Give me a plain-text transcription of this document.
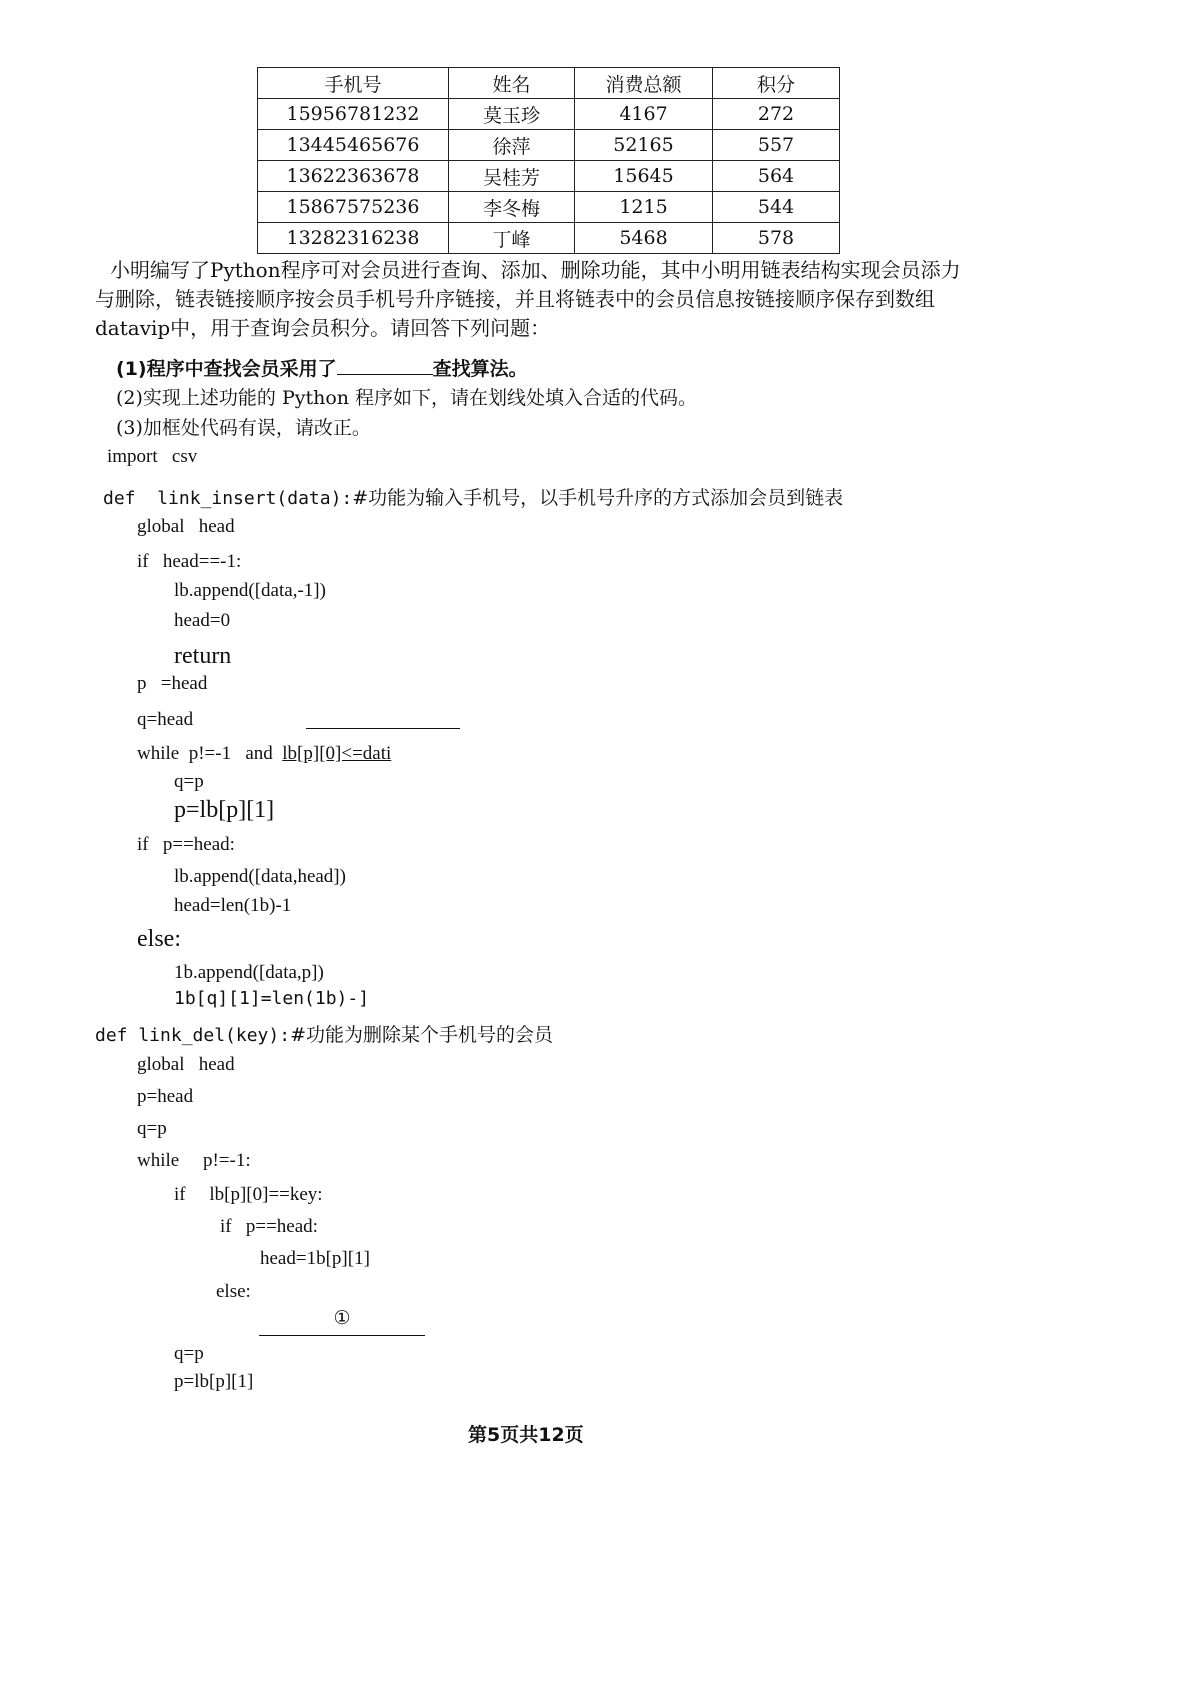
手机号	姓名	消费总额	积分
15956781232	莫玉珍	4167	272
13445465676	徐萍	52165	557
13622363678	吴桂芳	15645	564
15867575236	李冬梅	1215	544
13282316238	丁峰	5468	578
小明编写了Python程序可对会员进行查询、添加、删除功能，其中小明用链表结构实现会员添力
与删除，链表链接顺序按会员手机号升序链接，并且将链表中的会员信息按链接顺序保存到数组
datavip中，用于查询会员积分。请回答下列问题：
(1)程序中查找会员采用了	查找算法。
(2)实现上述功能的 Python 程序如下，请在划线处填入合适的代码。
(3)加框处代码有误，请改正。
import   csv
def  link_insert(data):#功能为输入手机号，以手机号升序的方式添加会员到链表
global   head
if   head==-1:
lb.append([data,-1])
head=0
return
p   =head
q=head
while  p!=-1   and  lb[p][0]<=dati
q=p
p=lb[p][1]
if   p==head:
lb.append([data,head])
head=len(1b)-1
else:
1b.append([data,p])
1b[q][1]=len(1b)-]
def link_del(key):#功能为删除某个手机号的会员
global   head
p=head
q=p
while     p!=-1:
if     lb[p][0]==key:
if   p==head:
head=1b[p][1]
else:
①
q=p
p=lb[p][1]
第5页共12页
